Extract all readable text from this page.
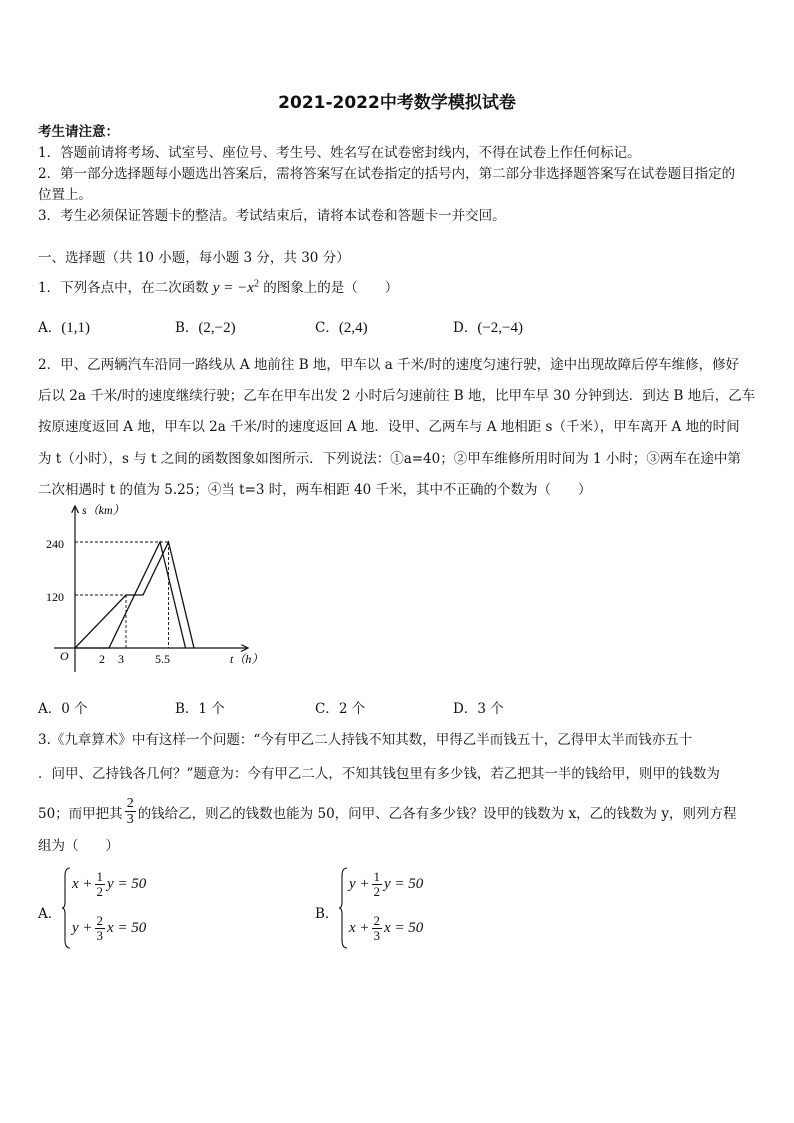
2021-2022中考数学模拟试卷
考生请注意：
1．答题前请将考场、试室号、座位号、考生号、姓名写在试卷密封线内，不得在试卷上作任何标记。
2．第一部分选择题每小题选出答案后，需将答案写在试卷指定的括号内，第二部分非选择题答案写在试卷题目指定的
位置上。
3．考生必须保证答题卡的整洁。考试结束后，请将本试卷和答题卡一并交回。
一、选择题（共 10 小题，每小题 3 分，共 30 分）
1．下列各点中，在二次函数 $y = -x^2$ 的图象上的是（　　）
A．(1,1)	B．(2,−2)	C．(2,4)	D．(−2,−4)
2．甲、乙两辆汽车沿同一路线从 A 地前往 B 地，甲车以 a 千米/时的速度匀速行驶，途中出现故障后停车维修，修好
后以 2a 千米/时的速度继续行驶；乙车在甲车出发 2 小时后匀速前往 B 地，比甲车早 30 分钟到达．到达 B 地后，乙车
按原速度返回 A 地，甲车以 2a 千米/时的速度返回 A 地．设甲、乙两车与 A 地相距 s（千米），甲车离开 A 地的时间
为 t（小时），s 与 t 之间的函数图象如图所示．下列说法：①a=40；②甲车维修所用时间为 1 小时；③两车在途中第
二次相遇时 t 的值为 5.25；④当 t=3 时，两车相距 40 千米，其中不正确的个数为（　　）
s（km）
t（h）
O
240
120
2 3	5.5
A．0 个	B．1 个	C．2 个	D．3 个
3.《九章算术》中有这样一个问题：“今有甲乙二人持钱不知其数，甲得乙半而钱五十，乙得甲太半而钱亦五十
．问甲、乙持钱各几何？”题意为：今有甲乙二人，不知其钱包里有多少钱，若乙把其一半的钱给甲，则甲的钱数为
50；而甲把其 $\frac{2}{3}$ 的钱给乙，则乙的钱数也能为 50，问甲、乙各有多少钱？设甲的钱数为 x，乙的钱数为 y，则列方程
组为（　　）
A．
$x + \frac{1}{2}$ y = 50
$y + \frac{2}{3}$ x = 50
B．
$y + \frac{1}{2}$ y = 50
$x + \frac{2}{3}$ x = 50
